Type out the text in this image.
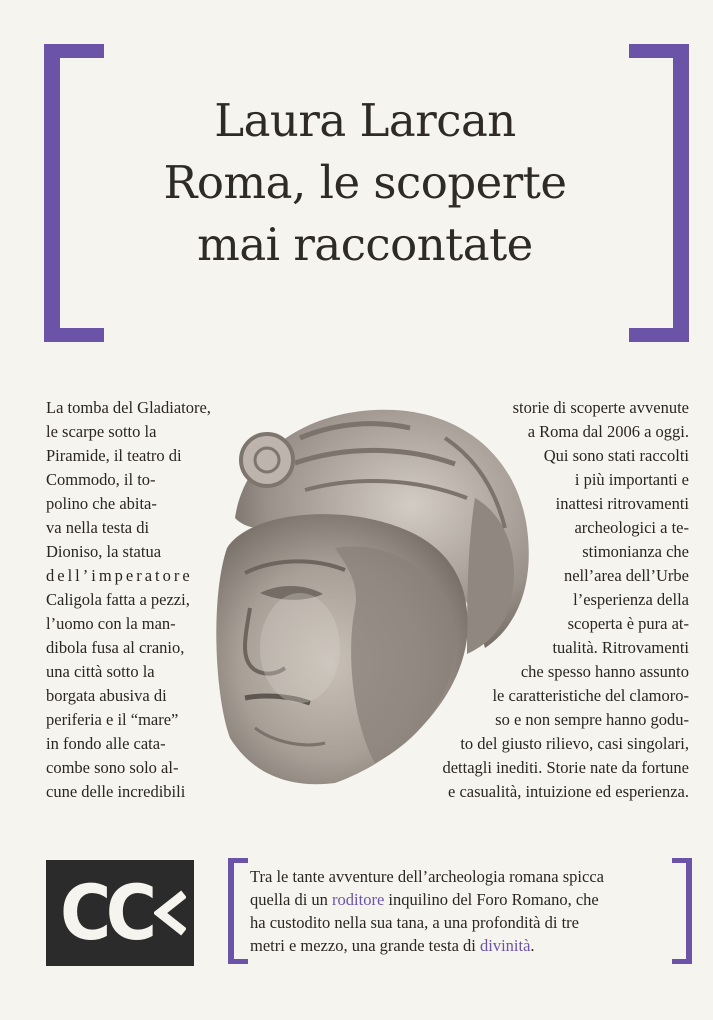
Laura Larcan
Roma, le scoperte
mai raccontate
La tomba del Gladiatore,
le scarpe sotto la
Piramide, il teatro di
Commodo, il to-
polino che abita-
va nella testa di
Dioniso, la statua
dell’imperatore
Caligola fatta a pezzi,
l’uomo con la man-
dibola fusa al cranio,
una città sotto la
borgata abusiva di
periferia e il “mare”
in fondo alle cata-
combe sono solo al-
cune delle incredibili
storie di scoperte avvenute
a Roma dal 2006 a oggi.
Qui sono stati raccolti
i più importanti e
inattesi ritrovamenti
archeologici a te-
stimonianza che
nell’area dell’Urbe
l’esperienza della
scoperta è pura at-
tualità. Ritrovamenti
che spesso hanno assunto
le caratteristiche del clamoro-
so e non sempre hanno godu-
to del giusto rilievo, casi singolari,
dettagli inediti. Storie nate da fortune
e casualità, intuizione ed esperienza.
CC	Tra le tante avventure dell’archeologia romana spicca
quella di un roditore inquilino del Foro Romano, che
ha custodito nella sua tana, a una profondità di tre
metri e mezzo, una grande testa di divinità.
